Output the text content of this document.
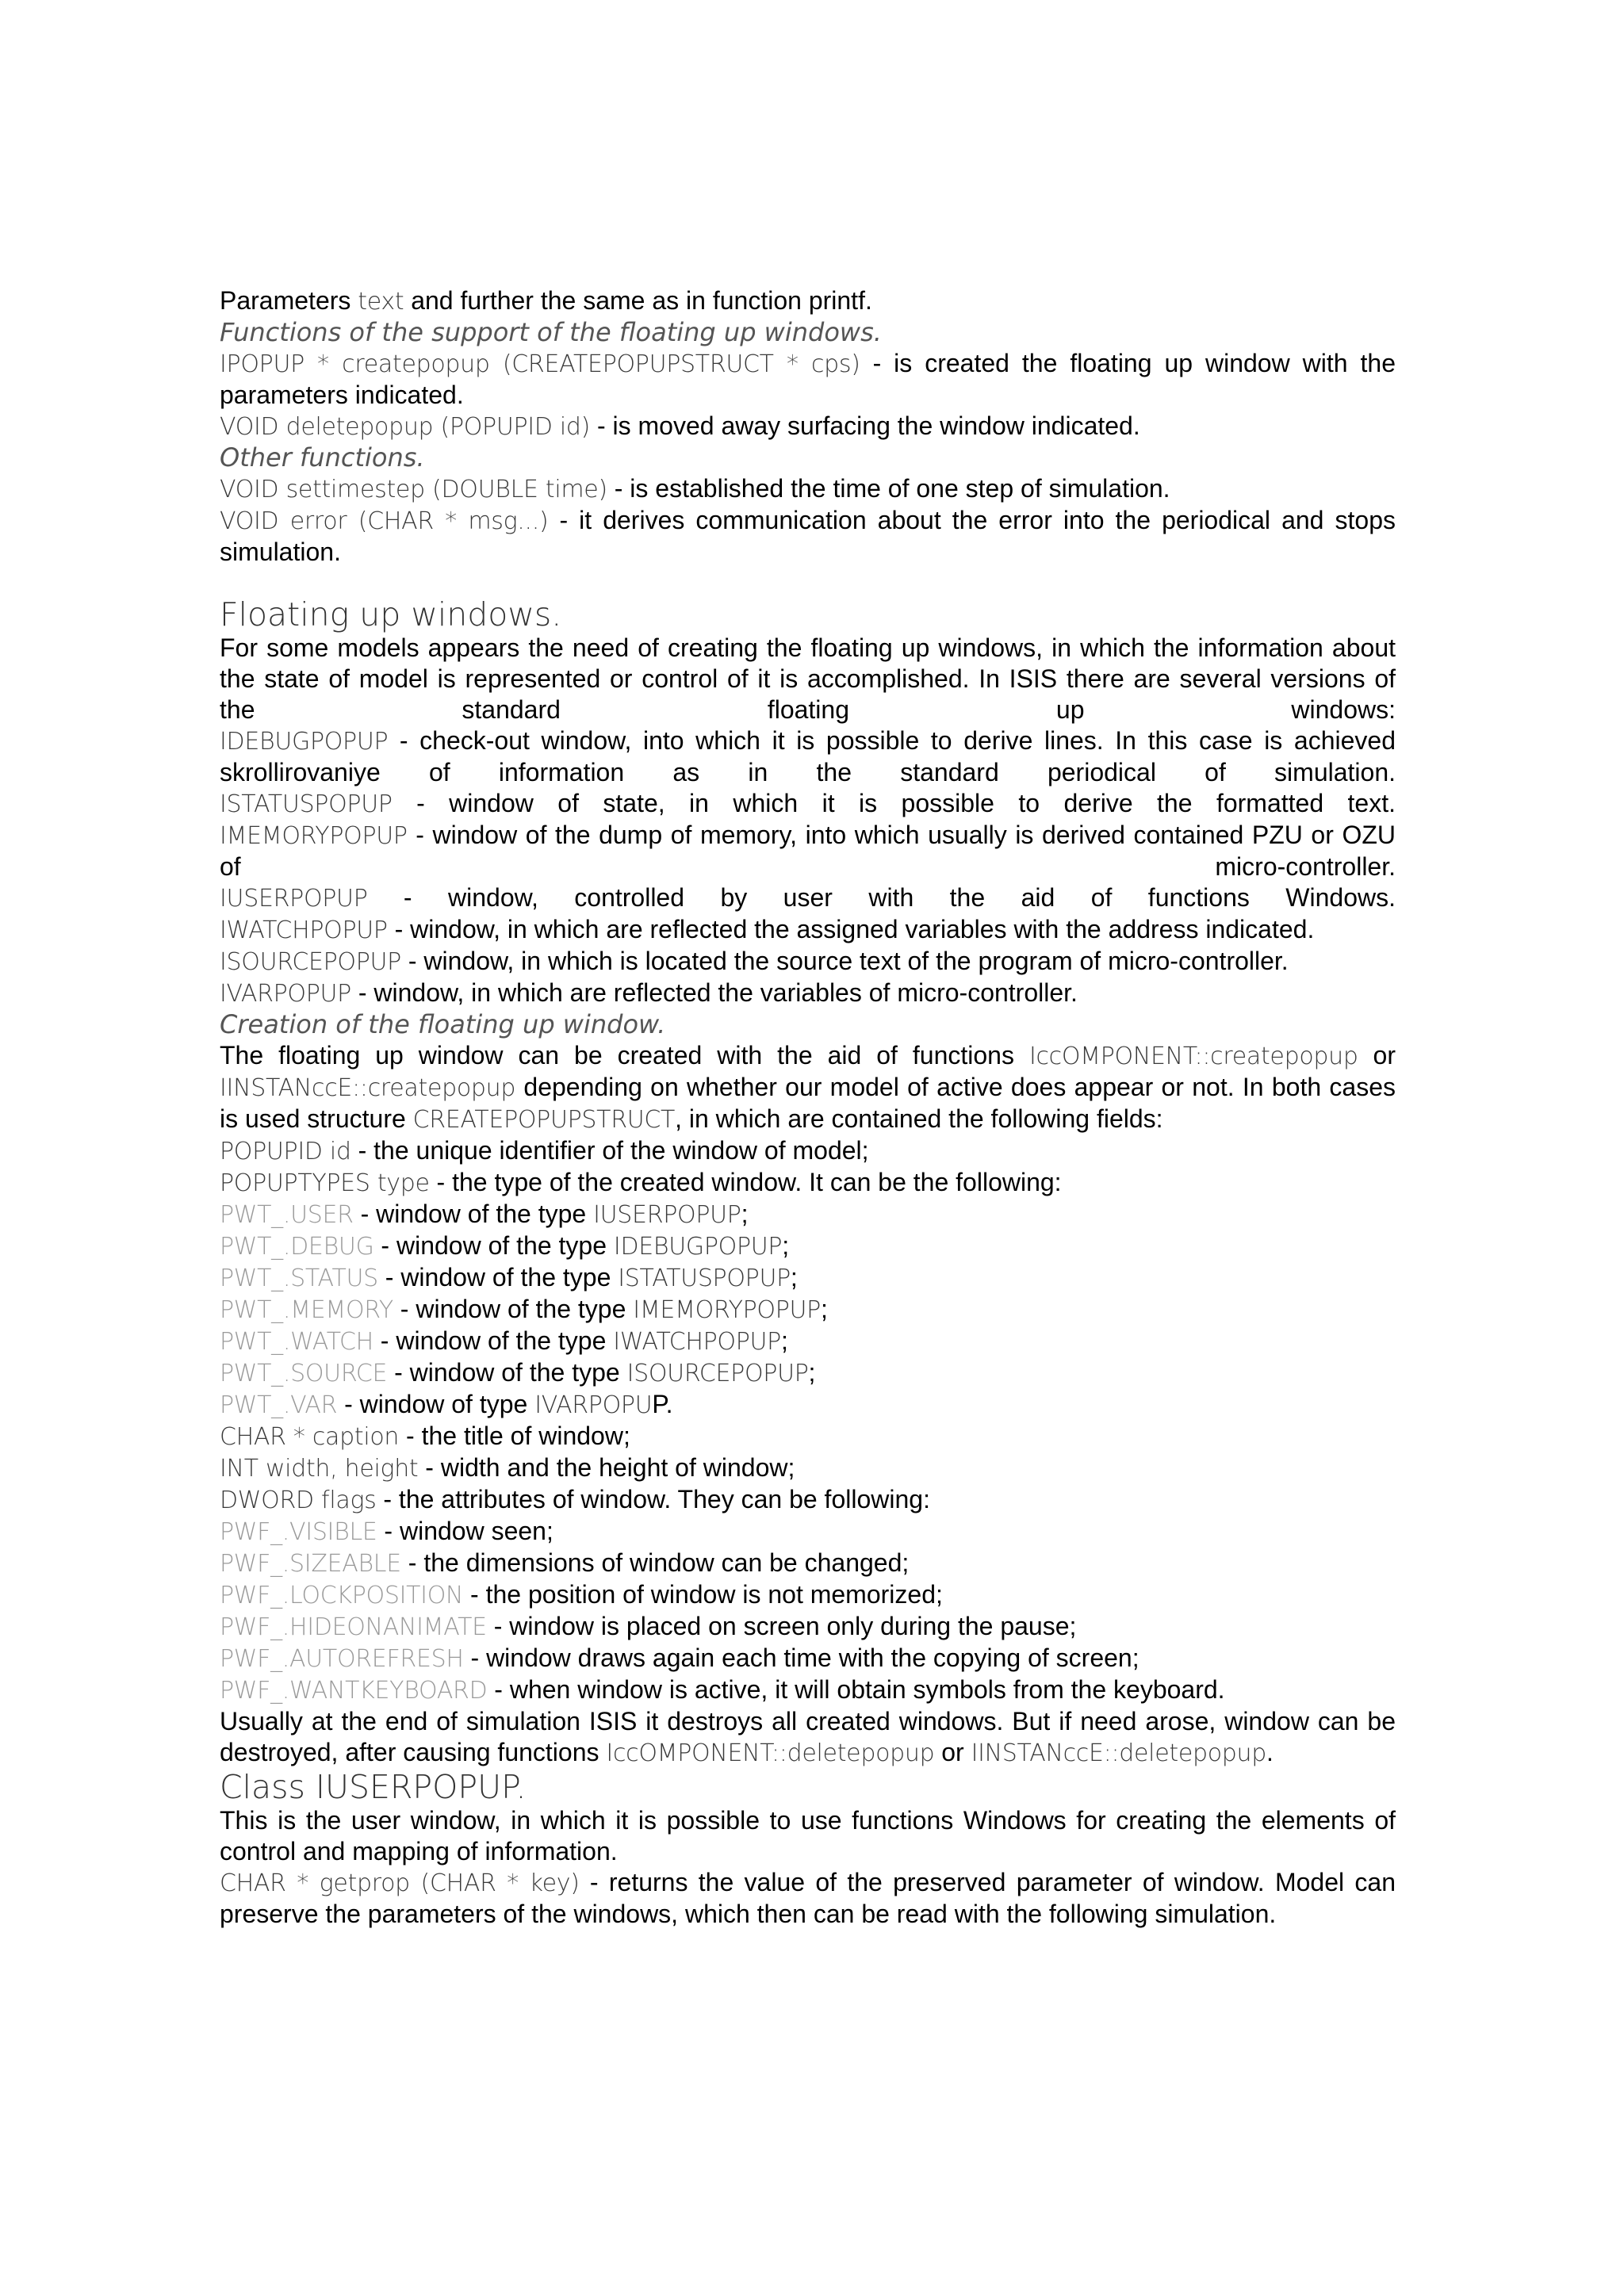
Parameters text and further the same as in function printf.

Functions of the support of the floating up windows.

IPOPUP * createpopup (CREATEPOPUPSTRUCT * cps) - is created the floating up window with the parameters indicated.

VOID deletepopup (POPUPID id) - is moved away surfacing the window indicated.

Other functions.

VOID settimestep (DOUBLE time) - is established the time of one step of simulation.

VOID error (CHAR * msg...) - it derives communication about the error into the periodical and stops simulation.

Floating up windows.

For some models appears the need of creating the floating up windows, in which the information about the state of model is represented or control of it is accomplished. In ISIS there are several versions of the standard floating up windows:

IDEBUGPOPUP - check-out window, into which it is possible to derive lines. In this case is achieved skrollirovaniye of information as in the standard periodical of simulation.

ISTATUSPOPUP - window of state, in which it is possible to derive the formatted text.

IMEMORYPOPUP - window of the dump of memory, into which usually is derived contained PZU or OZU of micro-controller.

IUSERPOPUP - window, controlled by user with the aid of functions Windows.

IWATCHPOPUP - window, in which are reflected the assigned variables with the address indicated.

ISOURCEPOPUP - window, in which is located the source text of the program of micro-controller.

IVARPOPUP - window, in which are reflected the variables of micro-controller.

Creation of the floating up window.

The floating up window can be created with the aid of functions IccOMPONENT::createpopup or IINSTANccE::createpopup depending on whether our model of active does appear or not. In both cases is used structure CREATEPOPUPSTRUCT, in which are contained the following fields:

POPUPID id - the unique identifier of the window of model;

POPUPTYPES type - the type of the created window. It can be the following:

PWT_.USER - window of the type IUSERPOPUP;

PWT_.DEBUG - window of the type IDEBUGPOPUP;

PWT_.STATUS - window of the type ISTATUSPOPUP;

PWT_.MEMORY - window of the type IMEMORYPOPUP;

PWT_.WATCH - window of the type IWATCHPOPUP;

PWT_.SOURCE - window of the type ISOURCEPOPUP;

PWT_.VAR - window of type IVARPOPUP.

CHAR * caption - the title of window;

INT width, height - width and the height of window;

DWORD flags - the attributes of window. They can be following:

PWF_.VISIBLE - window seen;

PWF_.SIZEABLE - the dimensions of window can be changed;

PWF_.LOCKPOSITION - the position of window is not memorized;

PWF_.HIDEONANIMATE - window is placed on screen only during the pause;

PWF_.AUTOREFRESH - window draws again each time with the copying of screen;

PWF_.WANTKEYBOARD - when window is active, it will obtain symbols from the keyboard.

Usually at the end of simulation ISIS it destroys all created windows. But if need arose, window can be destroyed, after causing functions IccOMPONENT::deletepopup or IINSTANccE::deletepopup.

Class IUSERPOPUP.

This is the user window, in which it is possible to use functions Windows for creating the elements of control and mapping of information.

CHAR * getprop (CHAR * key) - returns the value of the preserved parameter of window. Model can preserve the parameters of the windows, which then can be read with the following simulation.
